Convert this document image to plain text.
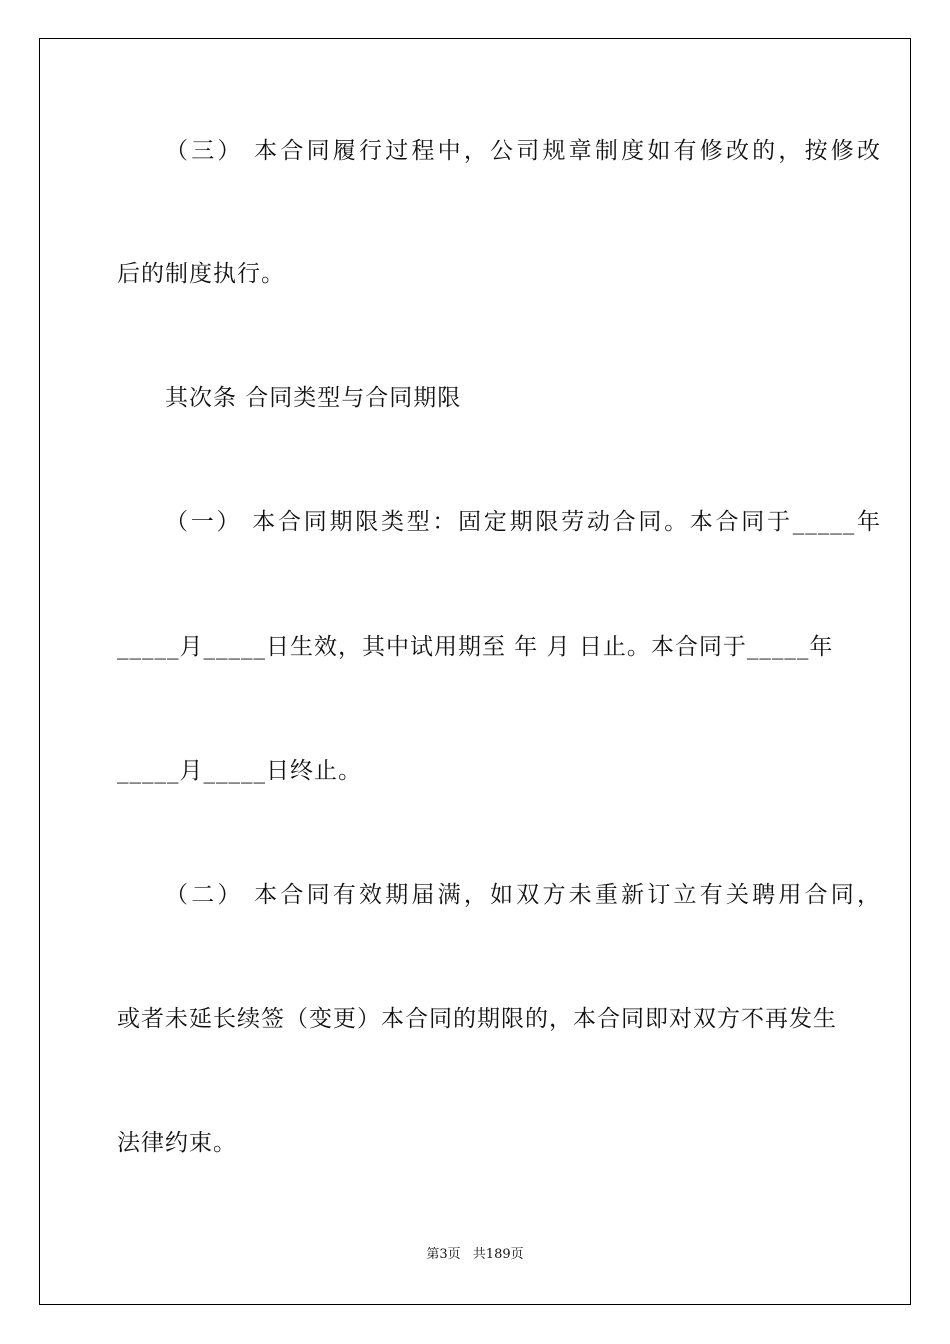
（三） 本合同履行过程中，公司规章制度如有修改的，按修改
后的制度执行。
其次条 合同类型与合同期限
（一） 本合同期限类型：固定期限劳动合同。本合同于_____年
_____月_____日生效，其中试用期至 年 月 日止。本合同于_____年
_____月_____日终止。
（二） 本合同有效期届满，如双方未重新订立有关聘用合同，
或者未延长续签（变更）本合同的期限的，本合同即对双方不再发生
法律约束。
第3页 共189页
